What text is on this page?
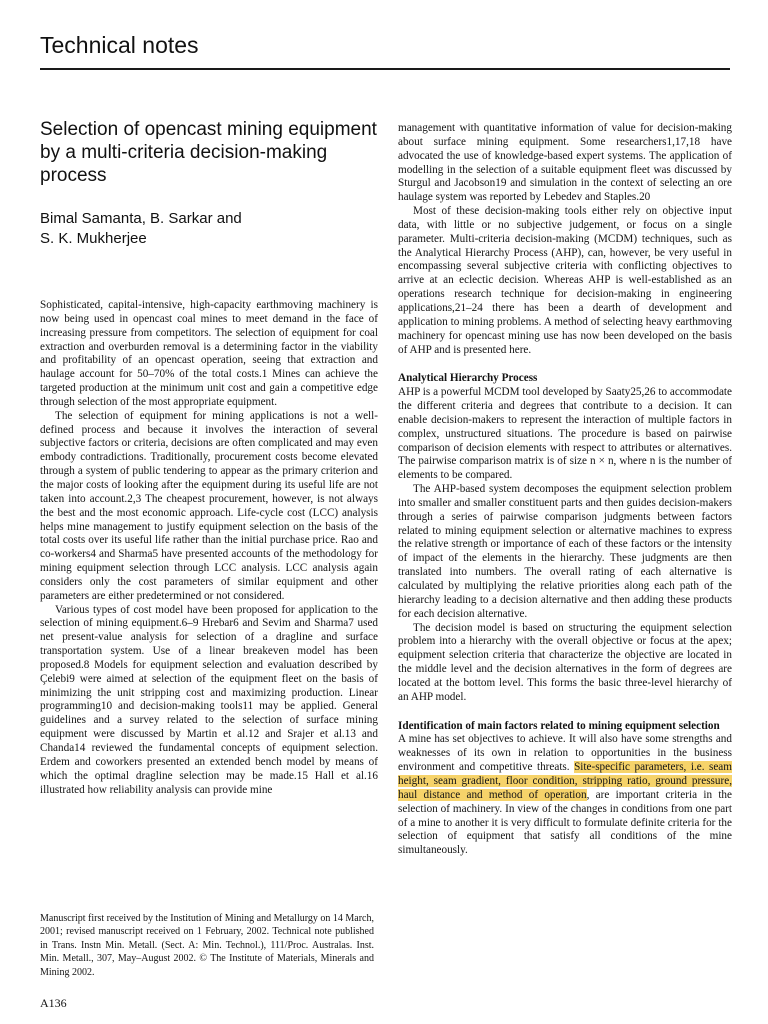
Technical notes
Selection of opencast mining equipment by a multi-criteria decision-making process
Bimal Samanta, B. Sarkar and
S. K. Mukherjee

Sophisticated, capital-intensive, high-capacity earthmoving machinery is now being used in opencast coal mines to meet demand in the face of increasing pressure from competitors. The selection of equipment for coal extraction and overburden removal is a determining factor in the viability and profitability of an opencast operation, seeing that extraction and haulage account for 50–70% of the total costs.1 Mines can achieve the targeted production at the minimum unit cost and gain a competitive edge through selection of the most appropriate equipment.

The selection of equipment for mining applications is not a well-defined process and because it involves the interaction of several subjective factors or criteria, decisions are often complicated and may even embody contradictions. Traditionally, procurement costs become elevated through a system of public tendering to appear as the primary criterion and the major costs of looking after the equipment during its useful life are not taken into account.2,3 The cheapest procurement, however, is not always the best and the most economic approach. Life-cycle cost (LCC) analysis helps mine management to justify equipment selection on the basis of the total costs over its useful life rather than the initial purchase price. Rao and co-workers4 and Sharma5 have presented accounts of the methodology for mining equipment selection through LCC analysis. LCC analysis again considers only the cost parameters of similar equipment and other parameters are either predetermined or not considered.

Various types of cost model have been proposed for application to the selection of mining equipment.6–9 Hrebar6 and Sevim and Sharma7 used net present-value analysis for selection of a dragline and surface transportation system. Use of a linear breakeven model has been proposed.8 Models for equipment selection and evaluation described by Çelebi9 were aimed at selection of the equipment fleet on the basis of minimizing the unit stripping cost and maximizing production. Linear programming10 and decision-making tools11 may be applied. General guidelines and a survey related to the selection of surface mining equipment were discussed by Martin et al.12 and Srajer et al.13 and Chanda14 reviewed the fundamental concepts of equipment selection. Erdem and coworkers presented an extended bench model by means of which the optimal dragline selection may be made.15 Hall et al.16 illustrated how reliability analysis can provide mine

management with quantitative information of value for decision-making about surface mining equipment. Some researchers1,17,18 have advocated the use of knowledge-based expert systems. The application of modelling in the selection of a suitable equipment fleet was discussed by Sturgul and Jacobson19 and simulation in the context of selecting an ore haulage system was reported by Lebedev and Staples.20

Most of these decision-making tools either rely on objective input data, with little or no subjective judgement, or focus on a single parameter. Multi-criteria decision-making (MCDM) techniques, such as the Analytical Hierarchy Process (AHP), can, however, be very useful in encompassing several subjective criteria with conflicting objectives to arrive at an eclectic decision. Whereas AHP is well-established as an operations research technique for decision-making in engineering applications,21–24 there has been a dearth of development and application to mining problems. A method of selecting heavy earthmoving machinery for opencast mining use has now been developed on the basis of AHP and is presented here.

Analytical Hierarchy Process

AHP is a powerful MCDM tool developed by Saaty25,26 to accommodate the different criteria and degrees that contribute to a decision. It can enable decision-makers to represent the interaction of multiple factors in complex, unstructured situations. The procedure is based on pairwise comparison of decision elements with respect to attributes or alternatives. The pairwise comparison matrix is of size n × n, where n is the number of elements to be compared.

The AHP-based system decomposes the equipment selection problem into smaller and smaller constituent parts and then guides decision-makers through a series of pairwise comparison judgments between factors related to mining equipment selection or alternative machines to express the relative strength or importance of each of these factors or the intensity of impact of the elements in the hierarchy. These judgments are then translated into numbers. The overall rating of each alternative is calculated by multiplying the relative priorities along each path of the hierarchy leading to a decision alternative and then adding these products for each decision alternative.

The decision model is based on structuring the equipment selection problem into a hierarchy with the overall objective or focus at the apex; equipment selection criteria that characterize the objective are located in the middle level and the decision alternatives in the form of degrees are located at the bottom level. This forms the basic three-level hierarchy of an AHP model.

Identification of main factors related to mining equipment selection

A mine has set objectives to achieve. It will also have some strengths and weaknesses of its own in relation to opportunities in the business environment and competitive threats. Site-specific parameters, i.e. seam height, seam gradient, floor condition, stripping ratio, ground pressure, haul distance and method of operation, are important criteria in the selection of machinery. In view of the changes in conditions from one part of a mine to another it is very difficult to formulate definite criteria for the selection of equipment that satisfy all conditions of the mine simultaneously.

Manuscript first received by the Institution of Mining and Metallurgy on 14 March, 2001; revised manuscript received on 1 February, 2002. Technical note published in Trans. Instn Min. Metall. (Sect. A: Min. Technol.), 111/Proc. Australas. Inst. Min. Metall., 307, May–August 2002. © The Institute of Materials, Minerals and Mining 2002.
A136
